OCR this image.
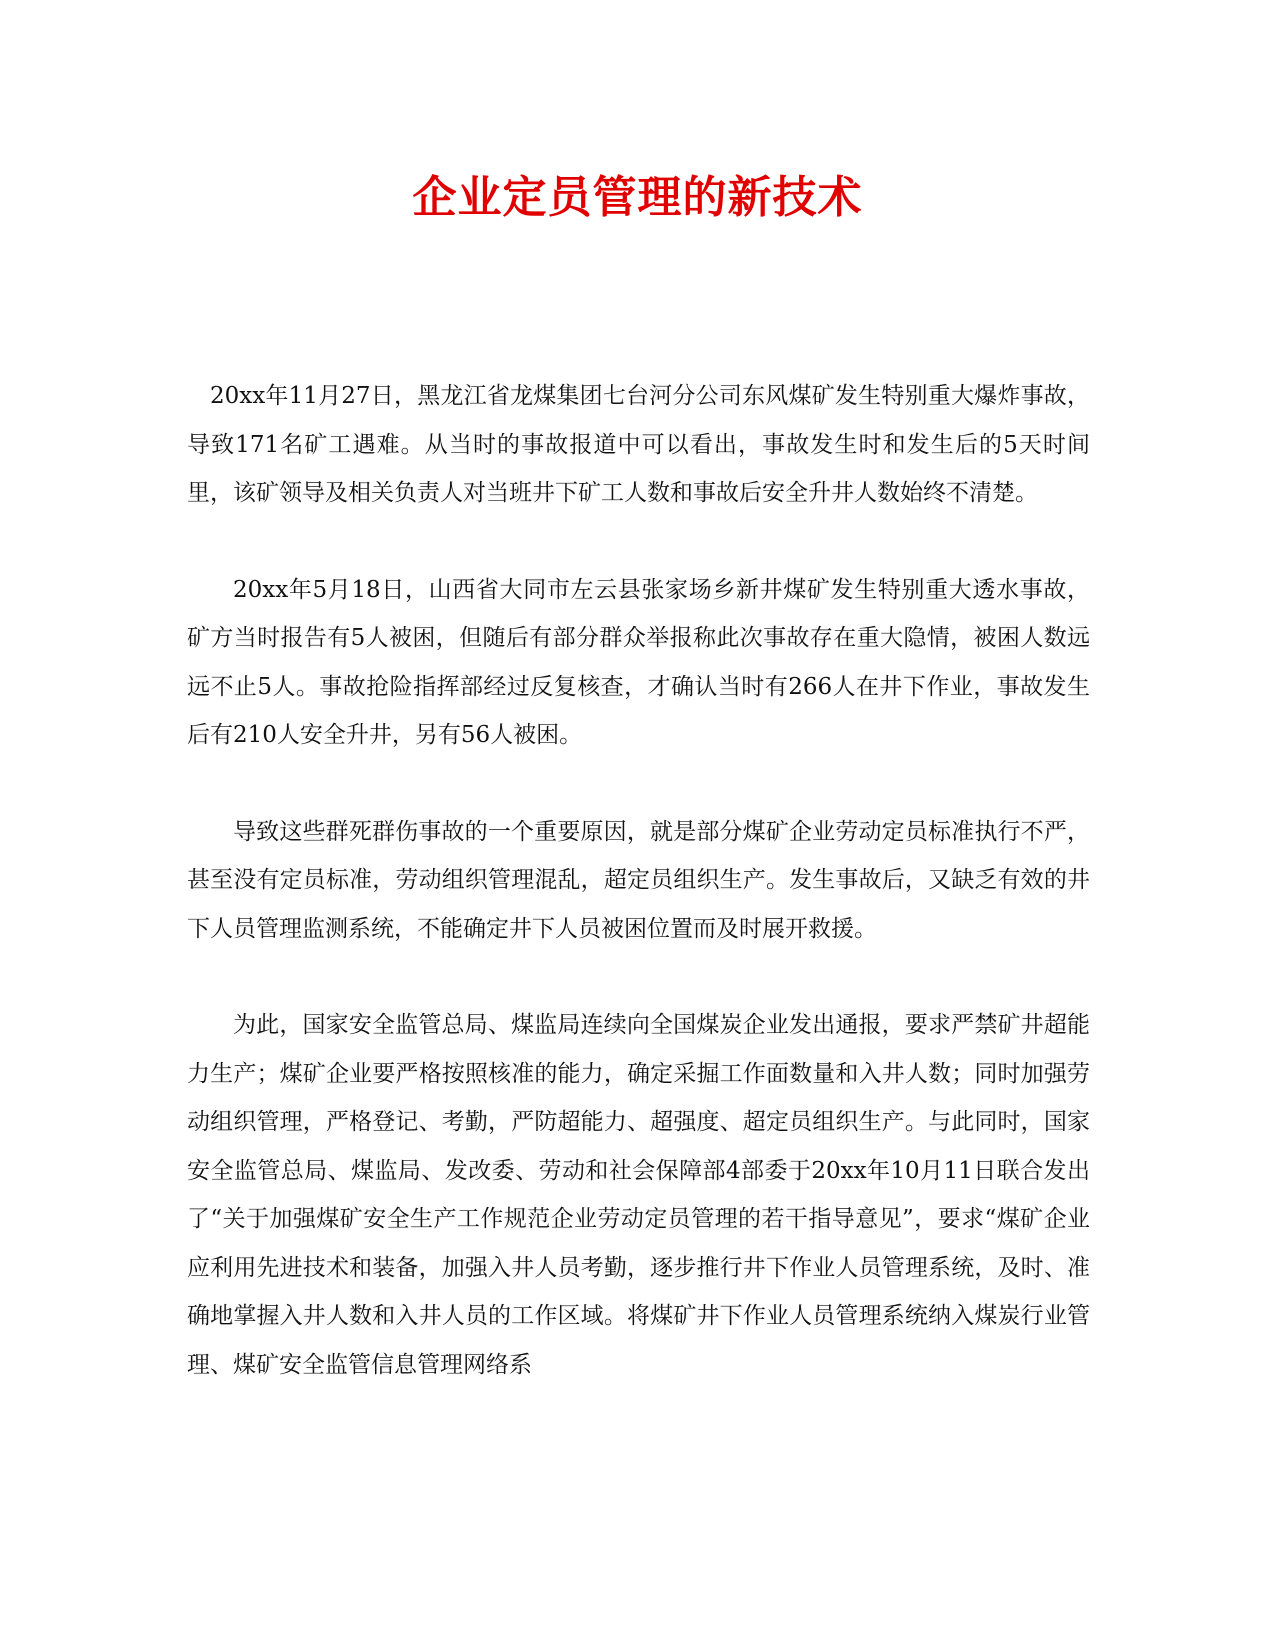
企业定员管理的新技术

20xx年11月27日，黑龙江省龙煤集团七台河分公司东风煤矿发生特别重大爆炸事故，导致171名矿工遇难。从当时的事故报道中可以看出，事故发生时和发生后的5天时间里，该矿领导及相关负责人对当班井下矿工人数和事故后安全升井人数始终不清楚。

20xx年5月18日，山西省大同市左云县张家场乡新井煤矿发生特别重大透水事故，矿方当时报告有5人被困，但随后有部分群众举报称此次事故存在重大隐情，被困人数远远不止5人。事故抢险指挥部经过反复核查，才确认当时有266人在井下作业，事故发生后有210人安全升井，另有56人被困。

导致这些群死群伤事故的一个重要原因，就是部分煤矿企业劳动定员标准执行不严，甚至没有定员标准，劳动组织管理混乱，超定员组织生产。发生事故后，又缺乏有效的井下人员管理监测系统，不能确定井下人员被困位置而及时展开救援。

为此，国家安全监管总局、煤监局连续向全国煤炭企业发出通报，要求严禁矿井超能力生产；煤矿企业要严格按照核准的能力，确定采掘工作面数量和入井人数；同时加强劳动组织管理，严格登记、考勤，严防超能力、超强度、超定员组织生产。与此同时，国家安全监管总局、煤监局、发改委、劳动和社会保障部4部委于20xx年10月11日联合发出了“关于加强煤矿安全生产工作规范企业劳动定员管理的若干指导意见”，要求“煤矿企业应利用先进技术和装备，加强入井人员考勤，逐步推行井下作业人员管理系统，及时、准确地掌握入井人数和入井人员的工作区域。将煤矿井下作业人员管理系统纳入煤炭行业管理、煤矿安全监管信息管理网络系
